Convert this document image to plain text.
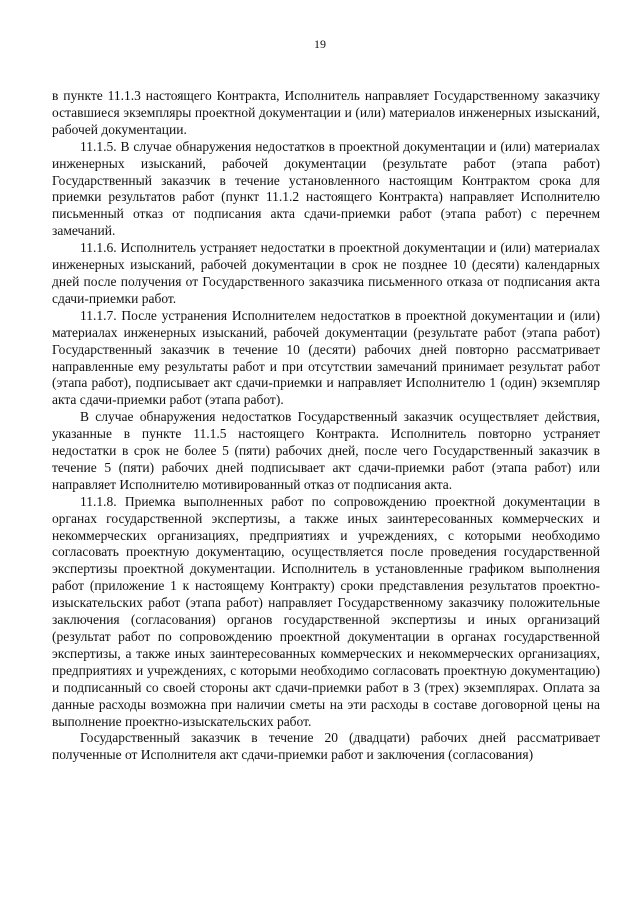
19

в пункте 11.1.3 настоящего Контракта, Исполнитель направляет Государственному заказчику оставшиеся экземпляры проектной документации и (или) материалов инженерных изысканий, рабочей документации.

11.1.5. В случае обнаружения недостатков в проектной документации и (или) материалах инженерных изысканий, рабочей документации (результате работ (этапа работ) Государственный заказчик в течение установленного настоящим Контрактом срока для приемки результатов работ (пункт 11.1.2 настоящего Контракта) направляет Исполнителю письменный отказ от подписания акта сдачи-приемки работ (этапа работ) с перечнем замечаний.

11.1.6. Исполнитель устраняет недостатки в проектной документации и (или) материалах инженерных изысканий, рабочей документации в срок не позднее 10 (десяти) календарных дней после получения от Государственного заказчика письменного отказа от подписания акта сдачи-приемки работ.

11.1.7. После устранения Исполнителем недостатков в проектной документации и (или) материалах инженерных изысканий, рабочей документации (результате работ (этапа работ) Государственный заказчик в течение 10 (десяти) рабочих дней повторно рассматривает направленные ему результаты работ и при отсутствии замечаний принимает результат работ (этапа работ), подписывает акт сдачи-приемки и направляет Исполнителю 1 (один) экземпляр акта сдачи-приемки работ (этапа работ).

В случае обнаружения недостатков Государственный заказчик осуществляет действия, указанные в пункте 11.1.5 настоящего Контракта. Исполнитель повторно устраняет недостатки в срок не более 5 (пяти) рабочих дней, после чего Государственный заказчик в течение 5 (пяти) рабочих дней подписывает акт сдачи-приемки работ (этапа работ) или направляет Исполнителю мотивированный отказ от подписания акта.

11.1.8. Приемка выполненных работ по сопровождению проектной документации в органах государственной экспертизы, а также иных заинтересованных коммерческих и некоммерческих организациях, предприятиях и учреждениях, с которыми необходимо согласовать проектную документацию, осуществляется после проведения государственной экспертизы проектной документации. Исполнитель в установленные графиком выполнения работ (приложение 1 к настоящему Контракту) сроки представления результатов проектно-изыскательских работ (этапа работ) направляет Государственному заказчику положительные заключения (согласования) органов государственной экспертизы и иных организаций (результат работ по сопровождению проектной документации в органах государственной экспертизы, а также иных заинтересованных коммерческих и некоммерческих организациях, предприятиях и учреждениях, с которыми необходимо согласовать проектную документацию) и подписанный со своей стороны акт сдачи-приемки работ в 3 (трех) экземплярах. Оплата за данные расходы возможна при наличии сметы на эти расходы в составе договорной цены на выполнение проектно-изыскательских работ.

Государственный заказчик в течение 20 (двадцати) рабочих дней рассматривает полученные от Исполнителя акт сдачи-приемки работ и заключения (согласования)
